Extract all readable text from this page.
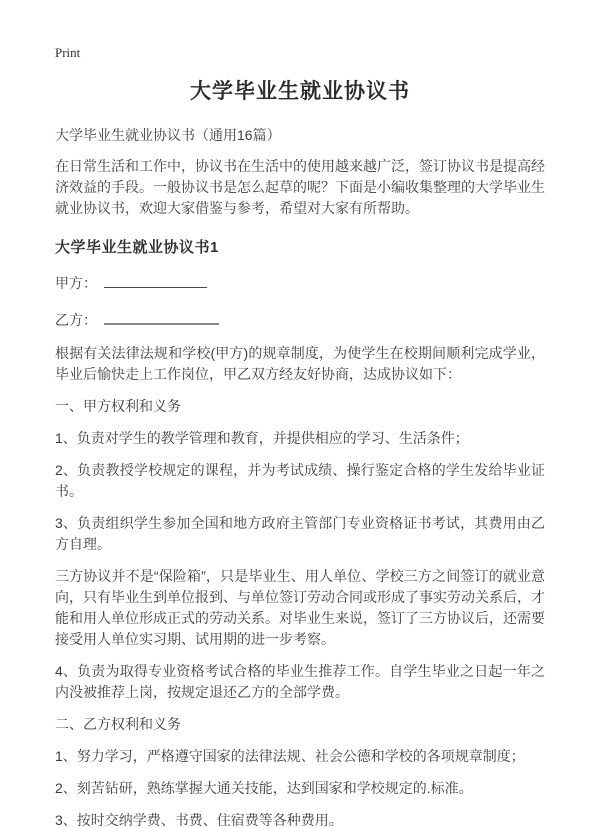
Print
大学毕业生就业协议书

大学毕业生就业协议书（通用16篇）

在日常生活和工作中，协议书在生活中的使用越来越广泛，签订协议书是提高经济效益的手段。一般协议书是怎么起草的呢？下面是小编收集整理的大学毕业生就业协议书，欢迎大家借鉴与参考，希望对大家有所帮助。

大学毕业生就业协议书1
甲方：
乙方：

根据有关法律法规和学校(甲方)的规章制度，为使学生在校期间顺利完成学业，毕业后愉快走上工作岗位，甲乙双方经友好协商，达成协议如下：

一、甲方权利和义务

1、负责对学生的教学管理和教育，并提供相应的学习、生活条件；

2、负责教授学校规定的课程，并为考试成绩、操行鉴定合格的学生发给毕业证书。

3、负责组织学生参加全国和地方政府主管部门专业资格证书考试，其费用由乙方自理。

三方协议并不是“保险箱”，只是毕业生、用人单位、学校三方之间签订的就业意向，只有毕业生到单位报到、与单位签订劳动合同或形成了事实劳动关系后，才能和用人单位形成正式的劳动关系。对毕业生来说，签订了三方协议后，还需要接受用人单位实习期、试用期的进一步考察。

4、负责为取得专业资格考试合格的毕业生推荐工作。自学生毕业之日起一年之内没被推荐上岗，按规定退还乙方的全部学费。

二、乙方权利和义务

1、努力学习，严格遵守国家的法律法规、社会公德和学校的各项规章制度；

2、刻苦钻研，熟练掌握大通关技能，达到国家和学校规定的.标准。

3、按时交纳学费、书费、住宿费等各种费用。
